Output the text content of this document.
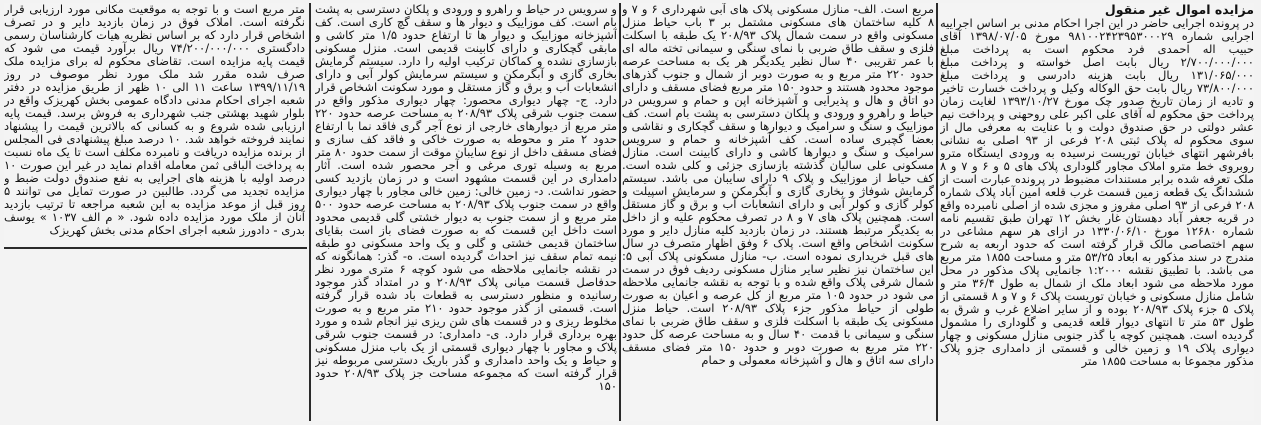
مزایده اموال غیر منقول

در پرونده اجرایی حاضر در این اجرا احکام مدنی بر اساس اجراییه اجرایی شماره ۹۸۱۰۰۲۴۲۳۹۵۳۰۰۰۲۹ مورخ ۱۳۹۸/۰۷/۰۵ آقای حبیب اله احمدی فرد محکوم است به پرداخت مبلغ ۲/۷۰۰/۰۰۰/۰۰۰ ریال بابت اصل خواسته و پرداخت مبلغ ۱۳۱/۰۶۵/۰۰۰ ریال بابت هزینه دادرسی و پرداخت مبلغ ۷۳/۸۰۰/۰۰۰ ریال بابت حق الوکاله وکیل و پرداخت خسارت تاخیر و تادیه از زمان تاریخ صدور چک مورخ ۱۳۹۳/۱۰/۲۷ لغایت زمان پرداخت حق محکوم له آقای علی اکبر علی روحهنی و پرداخت نیم عشر دولتی در حق صندوق دولت و با عنایت به معرفی مال از سوی محکوم له پلاک ثبتی ۲۰۸ فرعی از ۹۳ اصلی به نشانی بافرشهر انتهای خیابان توریست نرسیده به ورودی ایستگاه مترو روبروی خط مترو املاک مجاور گلوداری پلاک های ۵ و ۶ و ۷ و ۸ ملک تعرفه شده برابر مستندات مضبوط در پرونده عبارت است از ششدانگ یک قطعه زمین قسمت غرب قلعه امین آباد پلاک شماره ۲۰۸ فرعی از ۹۳ اصلی مفروز و مجزی شده از اصلی نامبرده واقع در قریه جعفر آباد دهستان غار بخش ۱۲ تهران طبق تقسیم نامه شماره ۱۲۶۸۰ مورخ ۱۳۳۰/۰۶/۱۰ در ازای هر سهم مشاعی در سهم اختصاصی مالک قرار گرفته است که حدود اربعه به شرح مندرج در سند مذکور به ابعاد ۵۳/۲۵ متر و مساحت ۱۸۵۵ متر مربع می باشد. با تطبیق نقشه ۱:۲۰۰۰ جانمایی پلاک مذکور در محل مورد ملاحظه می شود ابعاد ملک از شمال به طول ۳۶/۴ متر و شامل منازل مسکونی و خیابان توریست پلاک ۶ و ۷ و ۸ قسمتی از پلاک ۵ جزء پلاک ۲۰۸/۹۳ بوده و از سایر اضلاع غرب و شرق به طول ۵۳ متر تا انتهای دیوار قلعه قدیمی و گلوداری را مشمول گردیده است. همچنین کوچه یا گذر جنوبی منازل مسکونی و چهار دیواری پلاک ۱۹ و زمین خالی و قسمتی از دامداری جزو پلاک مذکور مجموعا به مساحت ۱۸۵۵ متر

مربع است. الف- منازل مسکونی پلاک های آبی شهرداری ۶ و ۷ و ۸ کلیه ساختمان های مسکونی مشتمل بر ۳ باب حیاط منزل مسکونی واقع در سمت شمال پلاک ۲۰۸/۹۳ یک طبقه با اسکلت فلزی و سقف طاق ضربی با نمای سنگی و سیمانی تخته ماله ای با عمر تقریبی ۴۰ سال نظیر یکدیگر هر یک به مساحت عرصه حدود ۲۲۰ متر مربع و به صورت دوبر از شمال و جنوب گذرهای موجود محدود هستند و حدود ۱۵۰ متر مربع فضای مسقف و دارای دو اتاق و هال و پذیرایی و آشپزخانه اپن و حمام و سرویس در حیاط و راهرو و ورودی و پلکان دسترسی به پشت بام است. کف موزاییک و سنگ و سرامیک و دیوارها و سقف گچکاری و نقاشی و بعضا گچبری ساده است. کف آشپزخانه و حمام و سرویس سرامیک و سنگ و دیوارها کاشی و دارای کابینت است. منازل مسکونی علی سالیان گذشته بازسازی جزئی و کلی شده است. کف حیاط از موزاییک و پلاک ۹ دارای سایبان می باشد. سیستم گرمایش شوفاژ و بخاری گازی و آبگرمکن و سرمایش اسپیلت و کولر گازی و کولر آبی و دارای انشعابات آب و برق و گاز مستقل است. همچنین پلاک های ۷ و ۸ در تصرف محکوم علیه و از داخل به یکدیگر مرتبط هستند. در زمان بازدید کلیه منازل دایر و مورد سکونت اشخاص واقع است. پلاک ۶ وفق اظهار متصرف در سال های قبل خریداری نموده است. ب- منازل مسکونی پلاک آبی ۵: این ساختمان نیز نظیر سایر منازل مسکونی ردیف فوق در سمت شمال شرقی پلاک واقع شده و با توجه به نقشه جانمایی ملاحظه می شود در حدود ۱۰۵ متر مربع از کل عرصه و اعیان به صورت طولی از حیاط مذکور جزء پلاک ۲۰۸/۹۳ است. حیاط منزل مسکونی یک طبقه با اسکلت فلزی و سقف طاق ضربی با نمای سنگی و سیمانی با قدمت ۴۰ سال و به مساحت عرصه کل حدود ۲۲۰ متر مربع به صورت دوبر و حدود ۱۵۰ متر فضای مسقف دارای سه اتاق و هال و آشپزخانه معمولی و حمام

و سرویس در حیاط و راهرو و ورودی و پلکان دسترسی به پشت بام است. کف موزاییک و دیوار ها و سقف گچ کاری است. کف آشپزخانه موزاییک و دیوار ها تا ارتفاع حدود ۱/۵ متر کاشی و مابقی گچکاری و دارای کابینت قدیمی است. منزل مسکونی بازسازی نشده و کماکان ترکیب اولیه را دارد. سیستم گرمایش بخاری گازی و آبگرمکن و سیستم سرمایش کولر آبی و دارای انشعابات آب و برق و گاز مستقل و مورد سکونت اشخاص قرار دارد. ج- چهار دیواری محصور: چهار دیواری مذکور واقع در سمت جنوب شرقی پلاک ۲۰۸/۹۳ به مساحت عرصه حدود ۲۲۰ متر مربع از دیوارهای خارجی از نوع آجر گری فاقد نما با ارتفاع حدود ۲ متر و محوطه به صورت خاکی و فاقد کف سازی و فضای مسقف داخل از نوع سایبان موقت از سمت حدود ۸۰ متر مربع به وسیله توری مرغی و آجر محصور شده است. آثار دامداری در این قسمت مشهود است و در زمان بازدید کسی حضور نداشت. د- زمین خالی: زمین خالی مجاور با چهار دیواری واقع در سمت جنوب پلاک ۲۰۸/۹۳ به مساحت عرصه حدود ۵۰۰ متر مربع و از سمت جنوب به دیوار خشتی گلی قدیمی محدود است داخل این قسمت که به صورت فضای باز است بقایای ساختمان قدیمی خشتی و گلی و یک واحد مسکونی دو طبقه نیمه تمام سقف نیز احداث گردیده است. ه- گذر: همانگونه که در نقشه جانمایی ملاحظه می شود کوچه ۶ متری مورد نظر حدفاصل قسمت میانی پلاک ۲۰۸/۹۳ و در امتداد گذر موجود رسانیده و منظور دسترسی به قطعات باد شده قرار گرفته است. قسمتی از گذر موجود حدود ۲۱۰ متر مربع و به صورت مخلوط ریزی و در قسمت های شن ریزی نیز انجام شده و مورد بهره برداری قرار دارد. ی- دامداری: در قسمت جنوب شرقی پلاک و مجاور با چهار دیواری قسمتی از یک باب منزل مسکونی و حیاط و یک واحد دامداری و گذر باریک دسترسی مربوطه نیز قرار گرفته است که مجموعه مساحت جز پلاک ۲۰۸/۹۳ حدود ۱۵۰

متر مربع است و با توجه به موقعیت مکانی مورد ارزیابی قرار نگرفته است. املاک فوق در زمان بازدید دایر و در تصرف اشخاص قرار دارد که بر اساس نظریه هیات کارشناسان رسمی دادگستری ۷۴/۲۰۰/۰۰۰/۰۰۰ ریال برآورد قیمت می شود که قیمت پایه مزایده است. تقاضای محکوم له برای مزایده ملک صرف شده مقرر شد ملک مورد نظر موصوف در روز ۱۳۹۹/۱۱/۱۹ ساعت ۱۱ الی ۱۰ ظهر از طریق مزایده در دفتر شعبه اجرای احکام مدنی دادگاه عمومی بخش کهریزک واقع در بلوار شهید بهشتی جنب شهرداری به فروش برسد. قیمت پایه ارزیابی شده شروع و به کسانی که بالاترین قیمت را پیشنهاد نمایند فروخته خواهد شد. ۱۰ درصد مبلغ پیشنهادی فی المجلس از برنده مزایده دریافت و نامبرده مکلف است تا یک ماه نسبت به پرداخت الباقی ثمن معامله اقدام نماید در غیر این صورت ۱۰ درصد اولیه با هزینه های اجرایی به نفع صندوق دولت ضبط و مزایده تجدید می گردد. طالبین در صورت تمایل می توانند ۵ روز قبل از موعد مزایده به این شعبه مراجعه تا ترتیب بازدید آنان از ملک مورد مزایده داده شود. « م الف ۱۰۳۷ » یوسف بدری - دادورز شعبه اجرای احکام مدنی بخش کهریزک
